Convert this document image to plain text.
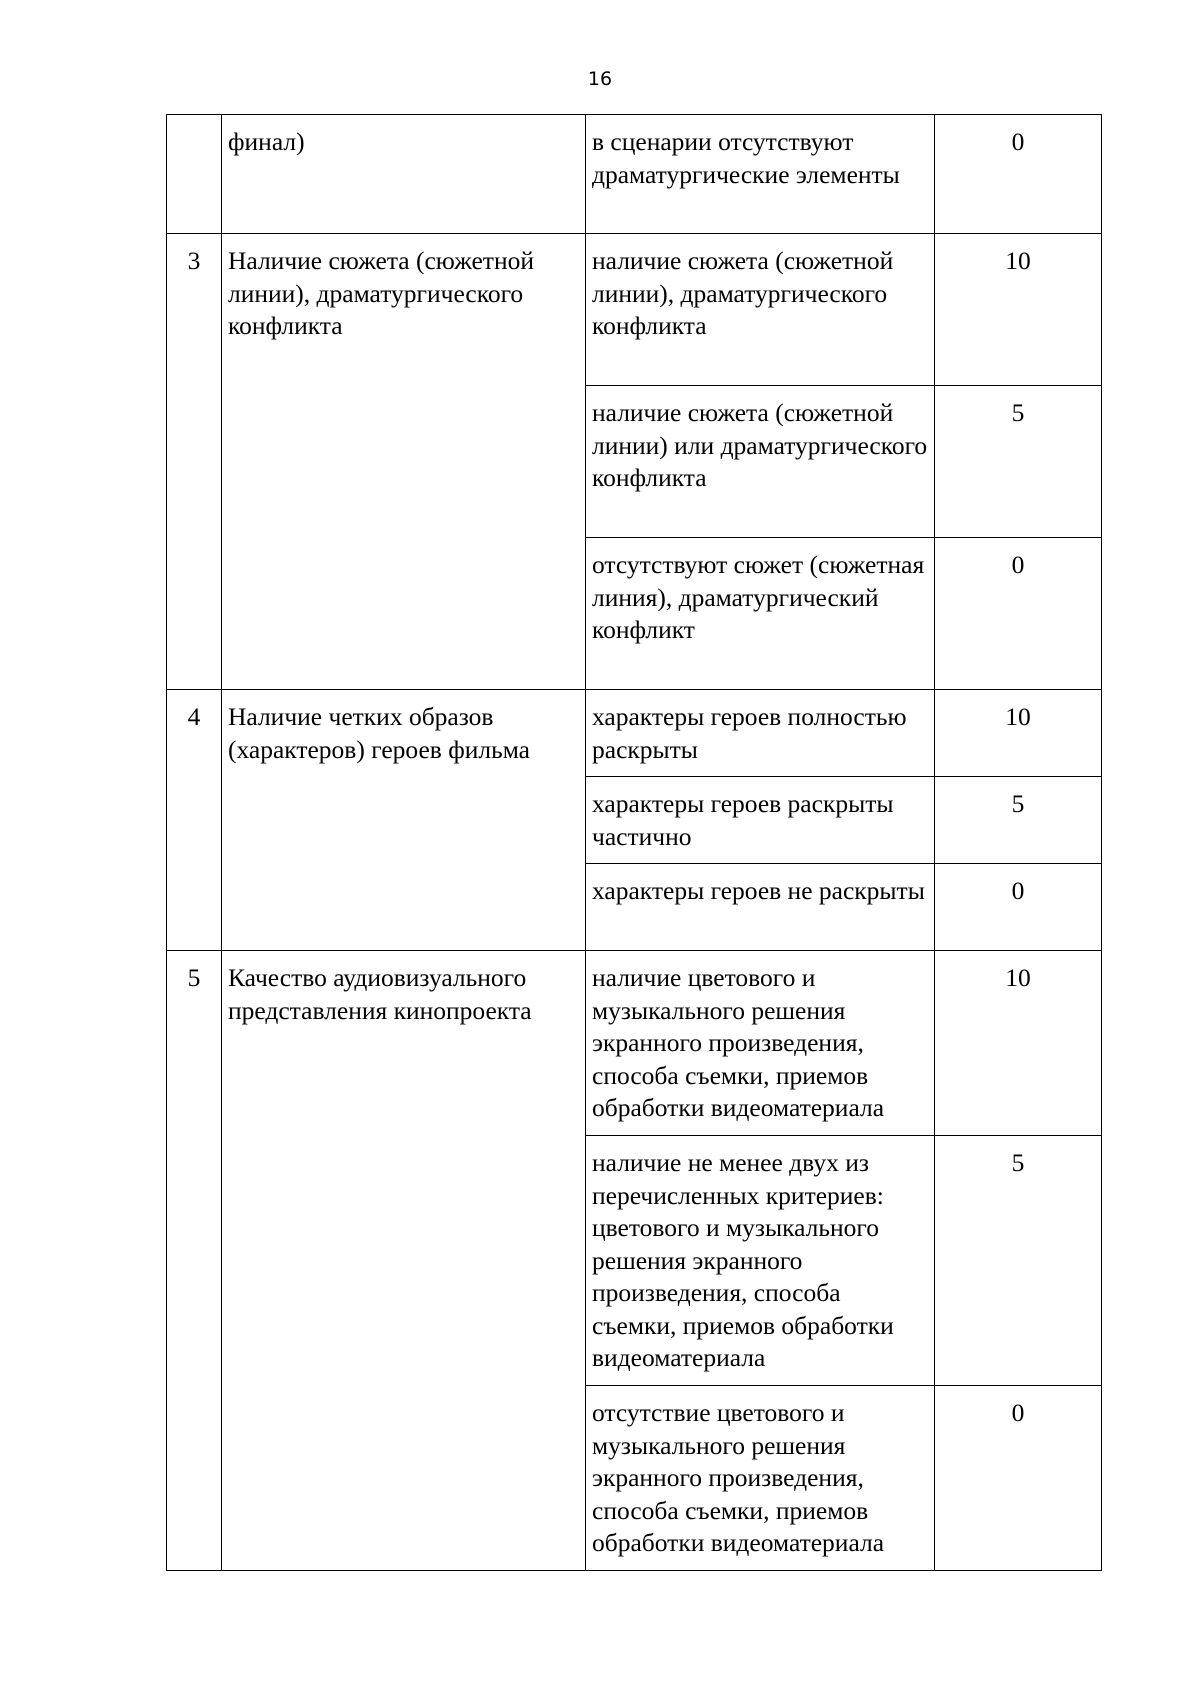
16
	финал)	в сценарии отсутствуют драматургические элементы	0
3	Наличие сюжета (сюжетной линии), драматургического конфликта	наличие сюжета (сюжетной линии), драматургического конфликта	10
		наличие сюжета (сюжетной линии) или драматургического конфликта	5
		отсутствуют сюжет (сюжетная линия), драматургический конфликт	0
4	Наличие четких образов (характеров) героев фильма	характеры героев полностью раскрыты	10
		характеры героев раскрыты частично	5
		характеры героев не раскрыты	0
5	Качество аудиовизуального представления кинопроекта	наличие цветового и музыкального решения экранного произведения, способа съемки, приемов обработки видеоматериала	10
		наличие не менее двух из перечисленных критериев: цветового и музыкального решения экранного произведения, способа съемки, приемов обработки видеоматериала	5
		отсутствие цветового и музыкального решения экранного произведения, способа съемки, приемов обработки видеоматериала	0
